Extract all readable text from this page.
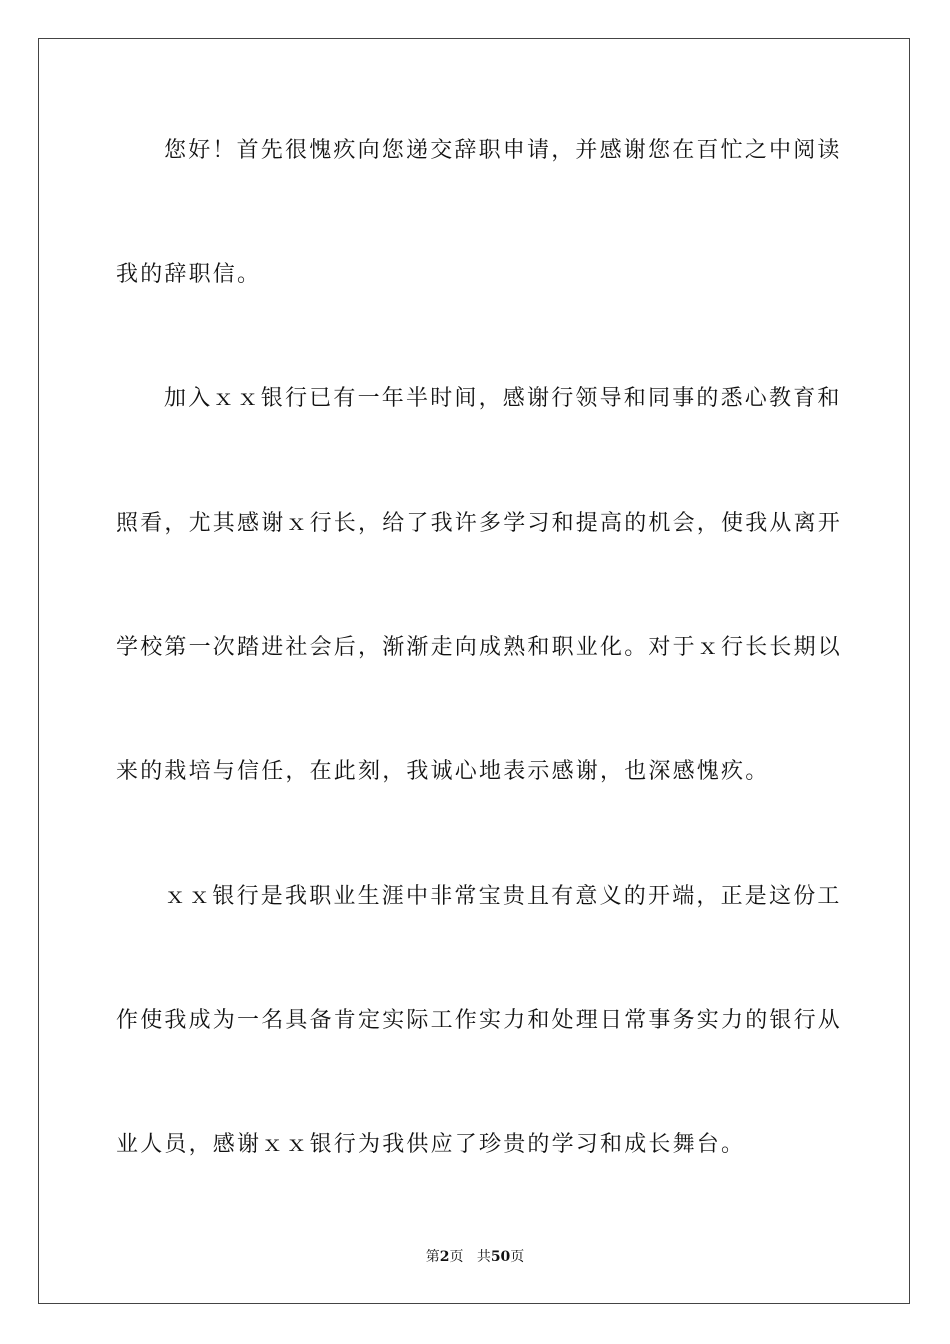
您好！首先很愧疚向您递交辞职申请，并感谢您在百忙之中阅读
我的辞职信。
加入ｘｘ银行已有一年半时间，感谢行领导和同事的悉心教育和
照看，尤其感谢ｘ行长，给了我许多学习和提高的机会，使我从离开
学校第一次踏进社会后，渐渐走向成熟和职业化。对于ｘ行长长期以
来的栽培与信任，在此刻，我诚心地表示感谢，也深感愧疚。
ｘｘ银行是我职业生涯中非常宝贵且有意义的开端，正是这份工
作使我成为一名具备肯定实际工作实力和处理日常事务实力的银行从
业人员，感谢ｘｘ银行为我供应了珍贵的学习和成长舞台。
第2页 共50页
